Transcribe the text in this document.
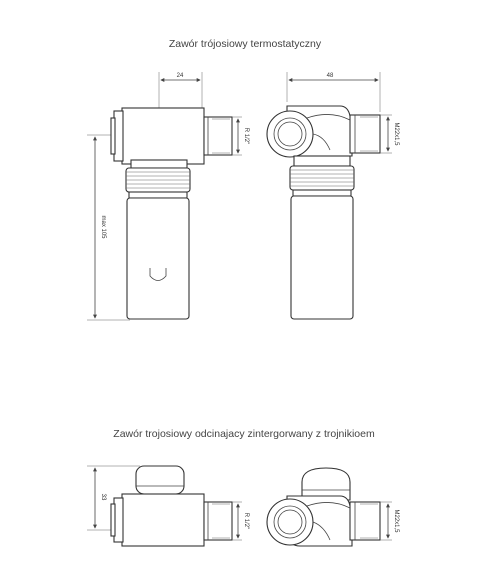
Zawór trójosiowy termostatyczny
24
max 105
R 1/2"
48
M22x1,5
Zawór trojosiowy odcinajacy zintergorwany z trojnikioem
33
R 1/2"	M22x1,5
